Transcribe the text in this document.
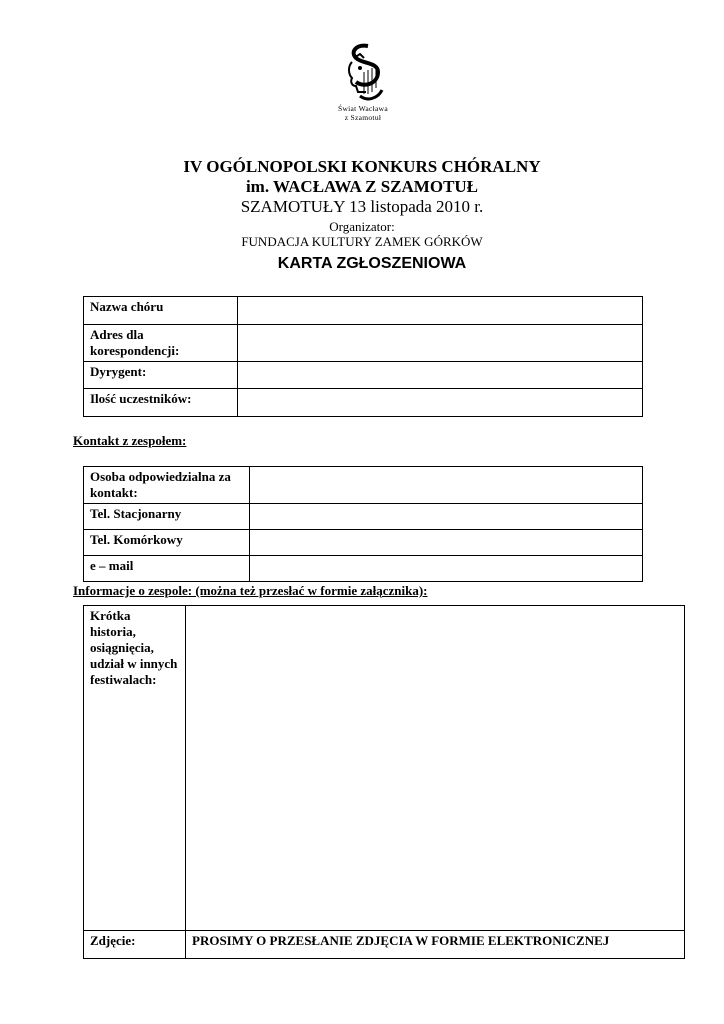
Świat Wacława
z Szamotuł
IV OGÓLNOPOLSKI KONKURS CHÓRALNY
im. WACŁAWA Z SZAMOTUŁ
SZAMOTUŁY 13 listopada 2010 r.
Organizator:
FUNDACJA KULTURY ZAMEK GÓRKÓW
KARTA ZGŁOSZENIOWA
Nazwa chóru	
Adres dla korespondencji:	
Dyrygent:	
Ilość uczestników:	
Kontakt z zespołem:
Osoba odpowiedzialna za kontakt:	
Tel. Stacjonarny	
Tel. Komórkowy	
e – mail	
Informacje o zespole: (można też przesłać w formie załącznika):
Krótka historia, osiągnięcia, udział w innych festiwalach:	
Zdjęcie:	PROSIMY O PRZESŁANIE ZDJĘCIA W FORMIE ELEKTRONICZNEJ
